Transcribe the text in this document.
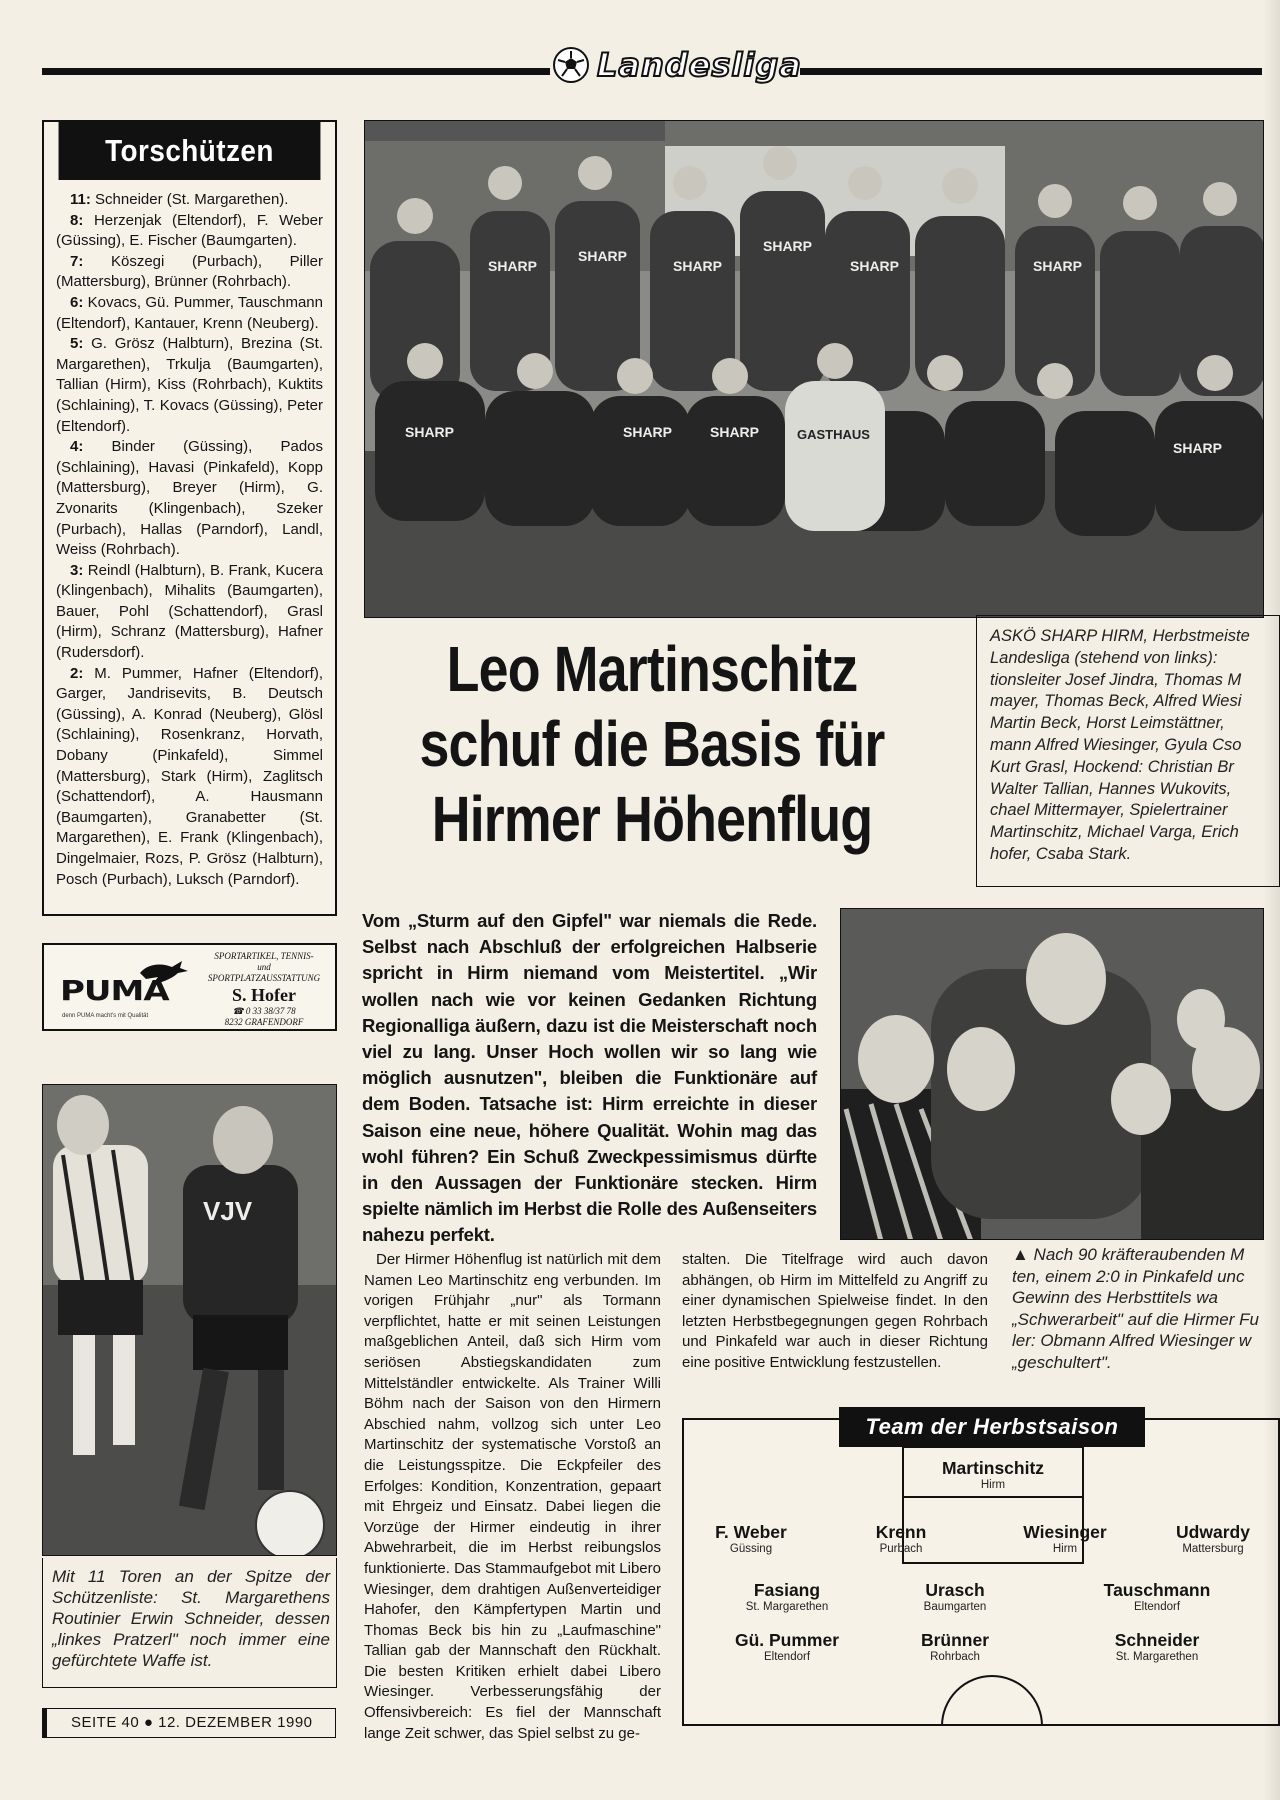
Landesliga
Torschützen

11: Schneider (St. Margarethen).

8: Herzenjak (Eltendorf), F. Weber (Güssing), E. Fischer (Baumgarten).

7: Köszegi (Purbach), Piller (Mattersburg), Brünner (Rohrbach).

6: Kovacs, Gü. Pummer, Tauschmann (Eltendorf), Kantauer, Krenn (Neuberg).

5: G. Grösz (Halbturn), Brezina (St. Margarethen), Trkulja (Baumgarten), Tallian (Hirm), Kiss (Rohrbach), Kuktits (Schlaining), T. Kovacs (Güssing), Peter (Eltendorf).

4: Binder (Güssing), Pados (Schlaining), Havasi (Pinkafeld), Kopp (Mattersburg), Breyer (Hirm), G. Zvonarits (Klingenbach), Szeker (Purbach), Hallas (Parndorf), Landl, Weiss (Rohrbach).

3: Reindl (Halbturn), B. Frank, Kucera (Klingenbach), Mihalits (Baumgarten), Bauer, Pohl (Schattendorf), Grasl (Hirm), Schranz (Mattersburg), Hafner (Rudersdorf).

2: M. Pummer, Hafner (Eltendorf), Garger, Jandrisevits, B. Deutsch (Güssing), A. Konrad (Neuberg), Glösl (Schlaining), Rosenkranz, Horvath, Dobany (Pinkafeld), Simmel (Mattersburg), Stark (Hirm), Zaglitsch (Schattendorf), A. Hausmann (Baumgarten), Granabetter (St. Margarethen), E. Frank (Klingenbach), Dingelmaier, Rozs, P. Grösz (Halbturn), Posch (Purbach), Luksch (Parndorf).

PUMA
denn PUMA macht's mit Qualität
SPORTARTIKEL, TENNIS-
und
SPORTPLATZAUSSTATTUNG
S. Hofer
☎ 0 33 38/37 78
8232 GRAFENDORF
SHARP
SHARP
SHARP
SHARP
SHARP	SHARP
SHARP	SHARP	SHARP
SHARP
GASTHAUS
ASKÖ SHARP HIRM, Herbstmeiste
Landesliga (stehend von links):
tionsleiter Josef Jindra, Thomas M
mayer, Thomas Beck, Alfred Wiesi
Martin Beck, Horst Leimstättner,
mann Alfred Wiesinger, Gyula Cso
Kurt Grasl, Hockend: Christian Br
Walter Tallian, Hannes Wukovits,
chael Mittermayer, Spielertrainer
Martinschitz, Michael Varga, Erich
hofer, Csaba Stark.
Leo Martinschitz
schuf die Basis für
Hirmer Höhenflug
Vom „Sturm auf den Gipfel" war niemals die Rede. Selbst nach Abschluß der erfolgreichen Halbserie spricht in Hirm niemand vom Meistertitel. „Wir wollen nach wie vor keinen Gedanken Richtung Regionalliga äußern, dazu ist die Meisterschaft noch viel zu lang. Unser Hoch wollen wir so lang wie möglich ausnutzen", bleiben die Funktionäre auf dem Boden. Tatsache ist: Hirm erreichte in dieser Saison eine neue, höhere Qualität. Wohin mag das wohl führen? Ein Schuß Zweckpessimismus dürfte in den Aussagen der Funktionäre stecken. Hirm spielte nämlich im Herbst die Rolle des Außenseiters nahezu perfekt.

Der Hirmer Höhenflug ist natürlich mit dem Namen Leo Martinschitz eng verbunden. Im vorigen Frühjahr „nur" als Tormann verpflichtet, hatte er mit seinen Leistungen maßgeblichen Anteil, daß sich Hirm vom seriösen Abstiegskandidaten zum Mittelständler entwickelte. Als Trainer Willi Böhm nach der Saison von den Hirmern Abschied nahm, vollzog sich unter Leo Martinschitz der systematische Vorstoß an die Leistungsspitze. Die Eckpfeiler des Erfolges: Kondition, Konzentration, gepaart mit Ehrgeiz und Einsatz. Dabei liegen die Vorzüge der Hirmer eindeutig in ihrer Abwehrarbeit, die im Herbst reibungslos funktionierte. Das Stammaufgebot mit Libero Wiesinger, dem drahtigen Außenverteidiger Hahofer, den Kämpfertypen Martin und Thomas Beck bis hin zu „Laufmaschine" Tallian gab der Mannschaft den Rückhalt. Die besten Kritiken erhielt dabei Libero Wiesinger. Verbesserungsfähig der Offensivbereich: Es fiel der Mannschaft lange Zeit schwer, das Spiel selbst zu ge-

stalten. Die Titelfrage wird auch davon abhängen, ob Hirm im Mittelfeld zu Angriff zu einer dynamischen Spielweise findet. In den letzten Herbstbegegnungen gegen Rohrbach und Pinkafeld war auch in dieser Richtung eine positive Entwicklung festzustellen.

▲ Nach 90 kräfteraubenden M
ten, einem 2:0 in Pinkafeld unc
Gewinn des Herbsttitels wa
„Schwerarbeit" auf die Hirmer Fu
ler: Obmann Alfred Wiesinger w
„geschultert".
VJV
Mit 11 Toren an der Spitze der Schützenliste: St. Margarethens Routinier Erwin Schneider, dessen „linkes Pratzerl" noch immer eine gefürchtete Waffe ist.
Team der Herbstsaison
Martinschitz
Hirm
F. Weber
Güssing
Krenn
Purbach
Wiesinger
Hirm
Udwardy
Mattersburg
Fasiang
St. Margarethen
Urasch
Baumgarten
Tauschmann
Eltendorf
Gü. Pummer
Eltendorf
Brünner
Rohrbach
Schneider
St. Margarethen
SEITE 40 ● 12. DEZEMBER 1990
